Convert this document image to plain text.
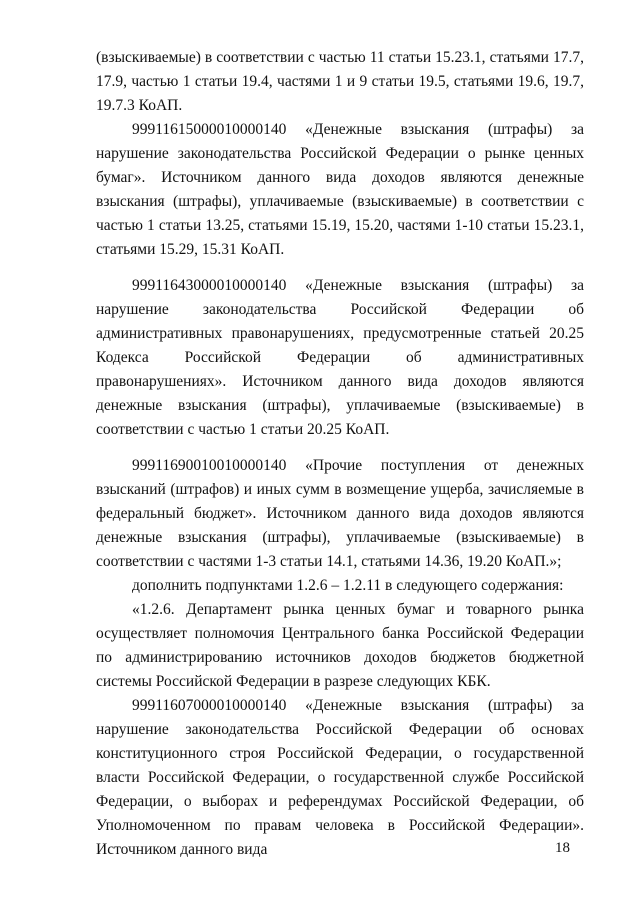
(взыскиваемые) в соответствии с частью 11 статьи 15.23.1, статьями 17.7, 17.9, частью 1 статьи 19.4, частями 1 и 9 статьи 19.5, статьями 19.6, 19.7, 19.7.3 КоАП.

99911615000010000140 «Денежные взыскания (штрафы) за нарушение законодательства Российской Федерации о рынке ценных бумаг». Источником данного вида доходов являются денежные взыскания (штрафы), уплачиваемые (взыскиваемые) в соответствии с частью 1 статьи 13.25, статьями 15.19, 15.20, частями 1-10 статьи 15.23.1, статьями 15.29, 15.31 КоАП.

99911643000010000140 «Денежные взыскания (штрафы) за нарушение законодательства Российской Федерации об административных правонарушениях, предусмотренные статьей 20.25 Кодекса Российской Федерации об административных правонарушениях». Источником данного вида доходов являются денежные взыскания (штрафы), уплачиваемые (взыскиваемые) в соответствии с частью 1 статьи 20.25 КоАП.

99911690010010000140 «Прочие поступления от денежных взысканий (штрафов) и иных сумм в возмещение ущерба, зачисляемые в федеральный бюджет». Источником данного вида доходов являются денежные взыскания (штрафы), уплачиваемые (взыскиваемые) в соответствии с частями 1-3 статьи 14.1, статьями 14.36, 19.20 КоАП.»;

дополнить подпунктами 1.2.6 – 1.2.11 в следующего содержания:

«1.2.6. Департамент рынка ценных бумаг и товарного рынка осуществляет полномочия Центрального банка Российской Федерации по администрированию источников доходов бюджетов бюджетной системы Российской Федерации в разрезе следующих КБК.

99911607000010000140 «Денежные взыскания (штрафы) за нарушение законодательства Российской Федерации об основах конституционного строя Российской Федерации, о государственной власти Российской Федерации, о государственной службе Российской Федерации, о выборах и референдумах Российской Федерации, об Уполномоченном по правам человека в Российской Федерации». Источником данного вида	18
